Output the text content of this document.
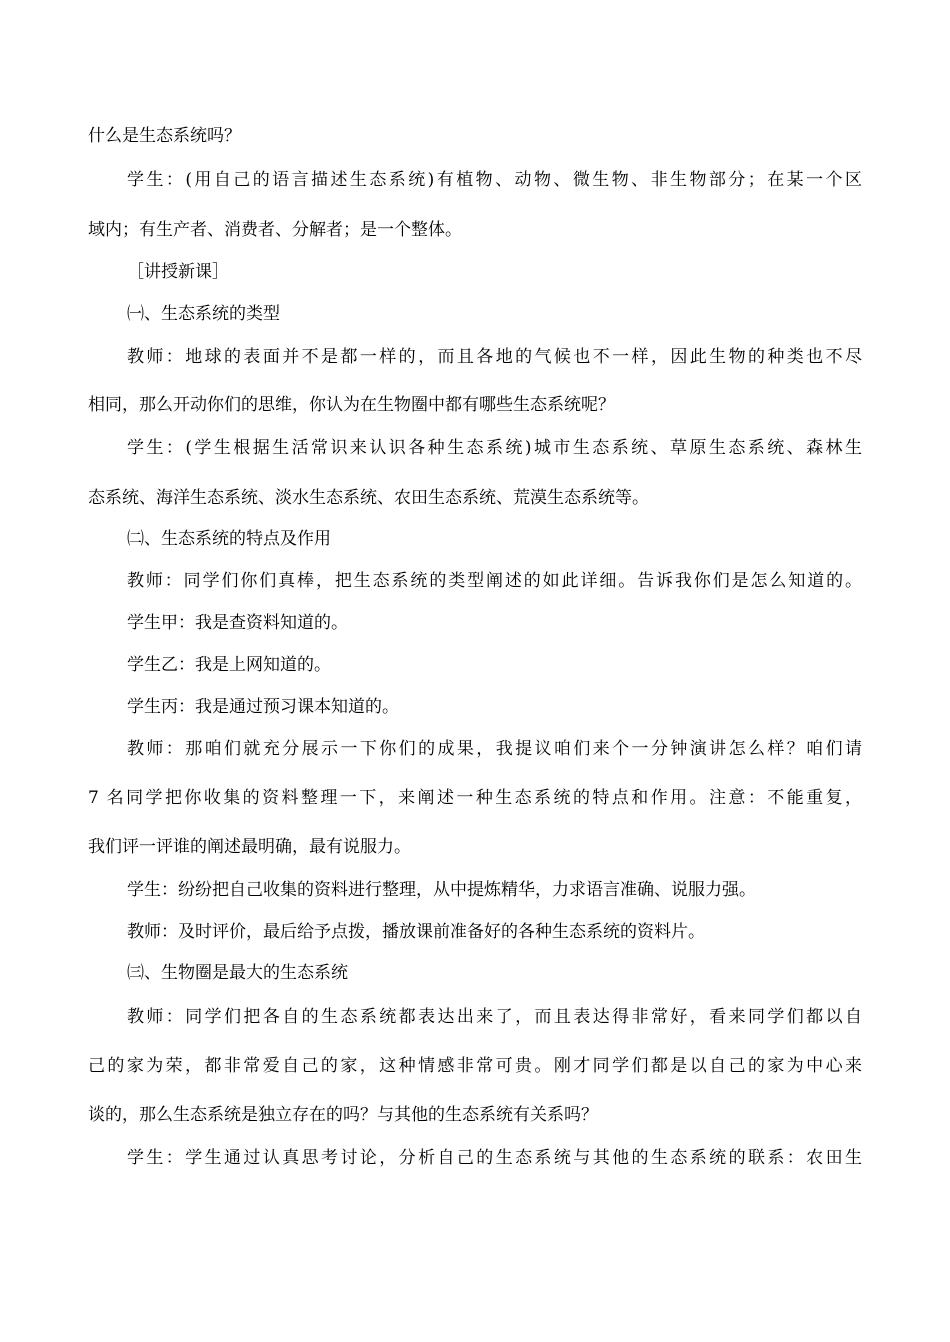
什么是生态系统吗？
学生：(用自己的语言描述生态系统)有植物、动物、微生物、非生物部分；在某一个区
域内；有生产者、消费者、分解者；是一个整体。
［讲授新课］
㈠、生态系统的类型
教师：地球的表面并不是都一样的，而且各地的气候也不一样，因此生物的种类也不尽
相同，那么开动你们的思维，你认为在生物圈中都有哪些生态系统呢？
学生：(学生根据生活常识来认识各种生态系统)城市生态系统、草原生态系统、森林生
态系统、海洋生态系统、淡水生态系统、农田生态系统、荒漠生态系统等。
㈡、生态系统的特点及作用
教师：同学们你们真棒，把生态系统的类型阐述的如此详细。告诉我你们是怎么知道的。
学生甲：我是查资料知道的。
学生乙：我是上网知道的。
学生丙：我是通过预习课本知道的。
教师：那咱们就充分展示一下你们的成果，我提议咱们来个一分钟演讲怎么样？咱们请
7 名同学把你收集的资料整理一下，来阐述一种生态系统的特点和作用。注意：不能重复，
我们评一评谁的阐述最明确，最有说服力。
学生：纷纷把自己收集的资料进行整理，从中提炼精华，力求语言准确、说服力强。
教师：及时评价，最后给予点拨，播放课前准备好的各种生态系统的资料片。
㈢、生物圈是最大的生态系统
教师：同学们把各自的生态系统都表达出来了，而且表达得非常好，看来同学们都以自
己的家为荣，都非常爱自己的家，这种情感非常可贵。刚才同学们都是以自己的家为中心来
谈的，那么生态系统是独立存在的吗？与其他的生态系统有关系吗？
学生：学生通过认真思考讨论，分析自己的生态系统与其他的生态系统的联系：农田生
